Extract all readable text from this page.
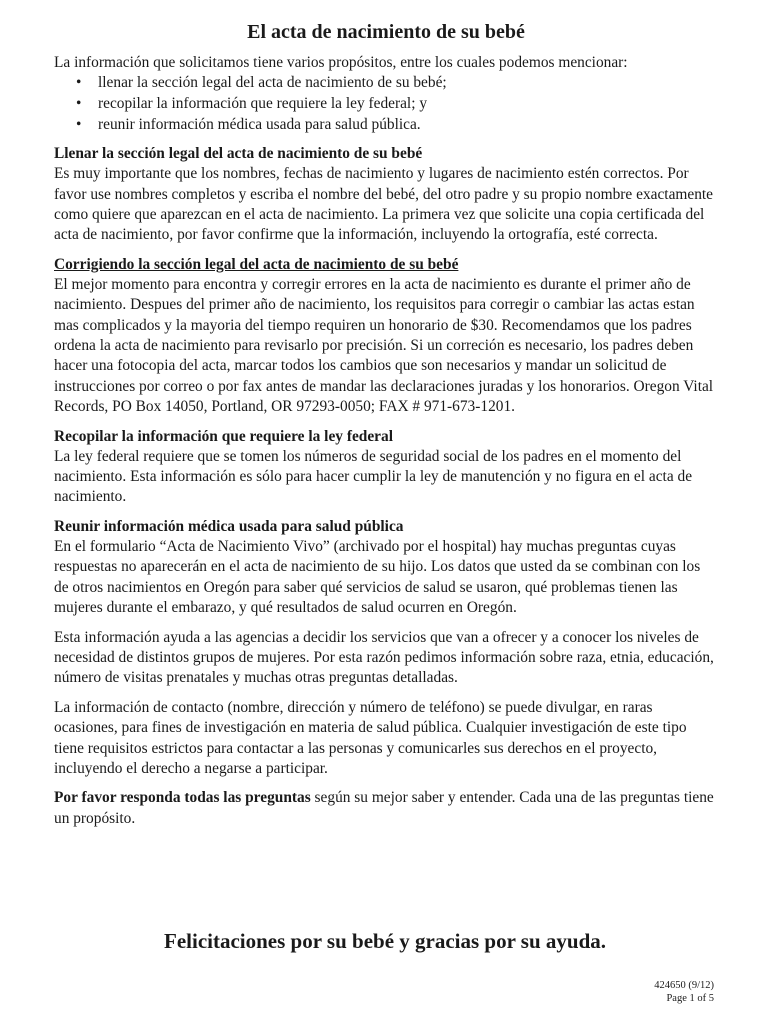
El acta de nacimiento de su bebé

La información que solicitamos tiene varios propósitos, entre los cuales podemos mencionar:

• llenar la sección legal del acta de nacimiento de su bebé;
• recopilar la información que requiere la ley federal; y
• reunir información médica usada para salud pública.

Llenar la sección legal del acta de nacimiento de su bebé

Es muy importante que los nombres, fechas de nacimiento y lugares de nacimiento estén correctos. Por favor use nombres completos y escriba el nombre del bebé, del otro padre y su propio nombre exactamente como quiere que aparezcan en el acta de nacimiento. La primera vez que solicite una copia certificada del acta de nacimiento, por favor confirme que la información, incluyendo la ortografía, esté correcta.

Corrigiendo la sección legal del acta de nacimiento de su bebé

El mejor momento para encontra y corregir errores en la acta de nacimiento es durante el primer año de nacimiento. Despues del primer año de nacimiento, los requisitos para corregir o cambiar las actas estan mas complicados y la mayoria del tiempo requiren un honorario de $30. Recomendamos que los padres ordena la acta de nacimiento para revisarlo por precisión. Si un correción es necesario, los padres deben hacer una fotocopia del acta, marcar todos los cambios que son necesarios y mandar un solicitud de instrucciones por correo o por fax antes de mandar las declaraciones juradas y los honorarios. Oregon Vital Records, PO Box 14050, Portland, OR 97293-0050; FAX # 971-673-1201.

Recopilar la información que requiere la ley federal

La ley federal requiere que se tomen los números de seguridad social de los padres en el momento del nacimiento. Esta información es sólo para hacer cumplir la ley de manutención y no figura en el acta de nacimiento.

Reunir información médica usada para salud pública

En el formulario “Acta de Nacimiento Vivo” (archivado por el hospital) hay muchas preguntas cuyas respuestas no aparecerán en el acta de nacimiento de su hijo. Los datos que usted da se combinan con los de otros nacimientos en Oregón para saber qué servicios de salud se usaron, qué problemas tienen las mujeres durante el embarazo, y qué resultados de salud ocurren en Oregón.

Esta información ayuda a las agencias a decidir los servicios que van a ofrecer y a conocer los niveles de necesidad de distintos grupos de mujeres. Por esta razón pedimos información sobre raza, etnia, educación, número de visitas prenatales y muchas otras preguntas detalladas.

La información de contacto (nombre, dirección y número de teléfono) se puede divulgar, en raras ocasiones, para fines de investigación en materia de salud pública. Cualquier investigación de este tipo tiene requisitos estrictos para contactar a las personas y comunicarles sus derechos en el proyecto, incluyendo el derecho a negarse a participar.

Por favor responda todas las preguntas según su mejor saber y entender. Cada una de las preguntas tiene un propósito.

Felicitaciones por su bebé y gracias por su ayuda.

424650 (9/12)
Page 1 of 5
